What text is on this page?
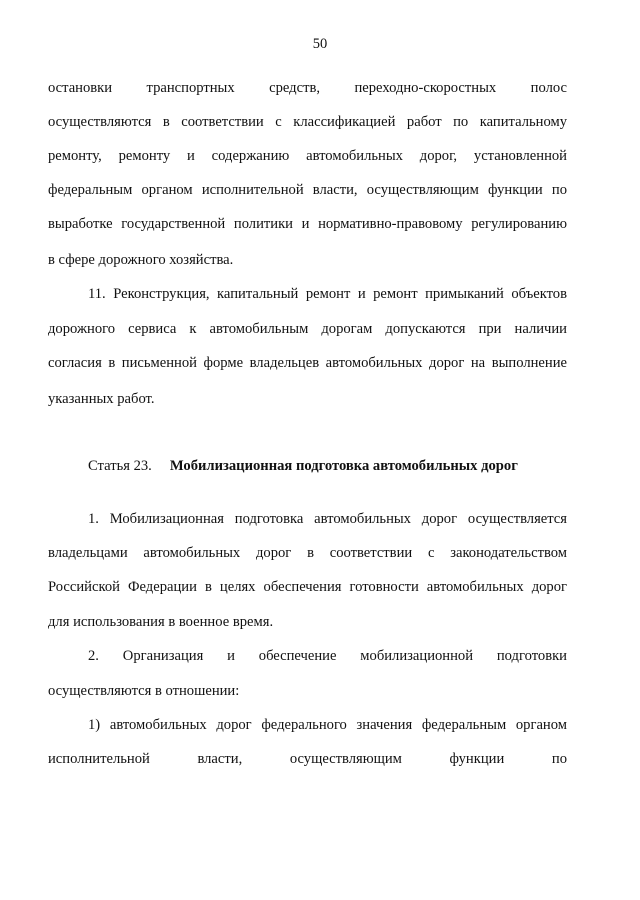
50
остановки транспортных средств, переходно-скоростных полос
осуществляются в соответствии с классификацией работ по капитальному
ремонту, ремонту и содержанию автомобильных дорог, установленной
федеральным органом исполнительной власти, осуществляющим функции по
выработке государственной политики и нормативно-правовому регулированию
в сфере дорожного хозяйства.
11. Реконструкция, капитальный ремонт и ремонт примыканий объектов
дорожного сервиса к автомобильным дорогам допускаются при наличии
согласия в письменной форме владельцев автомобильных дорог на выполнение
указанных работ.
Статья 23. Мобилизационная подготовка автомобильных дорог
1. Мобилизационная подготовка автомобильных дорог осуществляется
владельцами автомобильных дорог в соответствии с законодательством
Российской Федерации в целях обеспечения готовности автомобильных дорог
для использования в военное время.
2. Организация и обеспечение мобилизационной подготовки
осуществляются в отношении:
1) автомобильных дорог федерального значения федеральным органом
исполнительной власти, осуществляющим функции по
